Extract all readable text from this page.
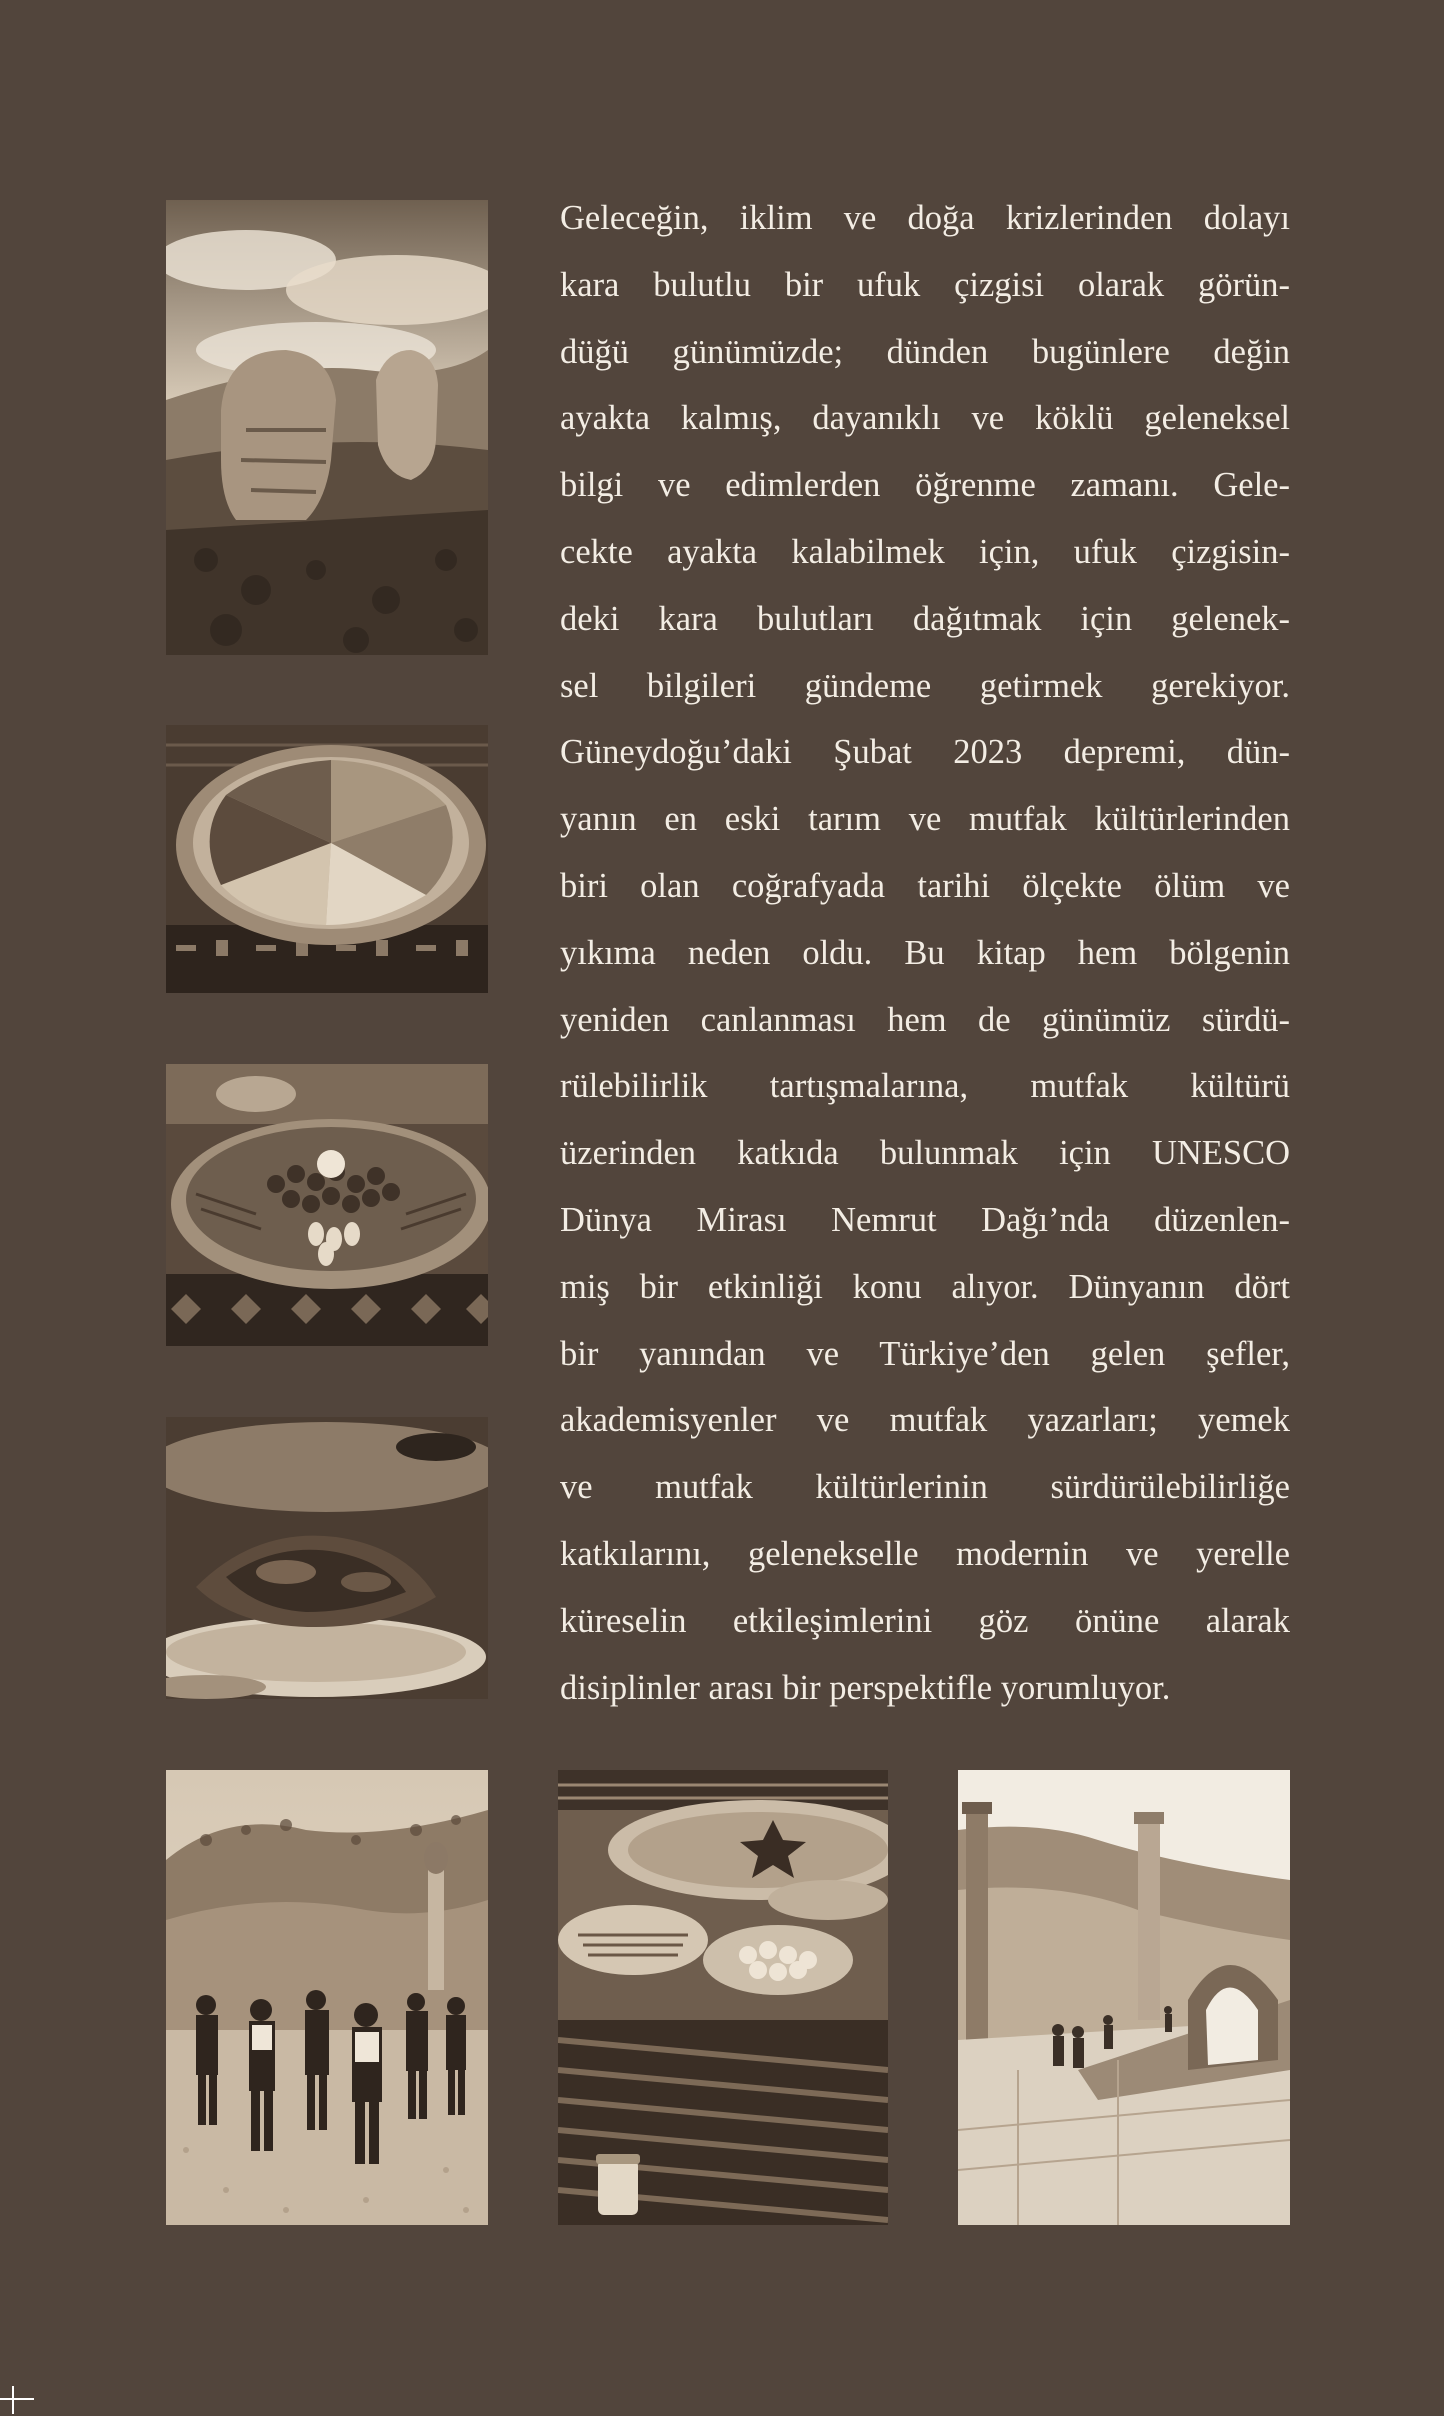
Geleceğin, iklim ve doğa krizlerinden dolayı
kara bulutlu bir ufuk çizgisi olarak görün-
düğü günümüzde; dünden bugünlere değin
ayakta kalmış, dayanıklı ve köklü geleneksel
bilgi ve edimlerden öğrenme zamanı. Gele-
cekte ayakta kalabilmek için, ufuk çizgisin-
deki kara bulutları dağıtmak için gelenek-
sel bilgileri gündeme getirmek gerekiyor.
Güneydoğu’daki Şubat 2023 depremi, dün-
yanın en eski tarım ve mutfak kültürlerinden
biri olan coğrafyada tarihi ölçekte ölüm ve
yıkıma neden oldu. Bu kitap hem bölgenin
yeniden canlanması hem de günümüz sürdü-
rülebilirlik tartışmalarına, mutfak kültürü
üzerinden katkıda bulunmak için UNESCO
Dünya Mirası Nemrut Dağı’nda düzenlen-
miş bir etkinliği konu alıyor. Dünyanın dört
bir yanından ve Türkiye’den gelen şefler,
akademisyenler ve mutfak yazarları; yemek
ve mutfak kültürlerinin sürdürülebilirliğe
katkılarını, gelenekselle modernin ve yerelle
küreselin etkileşimlerini göz önüne alarak
disiplinler arası bir perspektifle yorumluyor.
